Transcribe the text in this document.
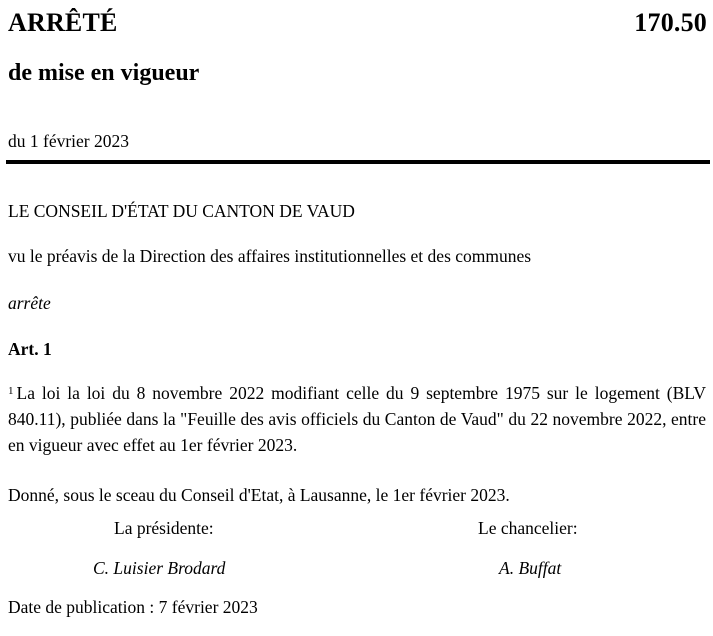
ARRÊTÉ	170.50
de mise en vigueur
du 1 février 2023
LE CONSEIL D'ÉTAT DU CANTON DE VAUD
vu le préavis de la Direction des affaires institutionnelles et des communes
arrête
Art. 1
$^1$ La loi la loi du 8 novembre 2022 modifiant celle du 9 septembre 1975 sur le logement (BLV 840.11), publiée dans la "Feuille des avis officiels du Canton de Vaud" du 22 novembre 2022, entre en vigueur avec effet au 1er février 2023.
Donné, sous le sceau du Conseil d'Etat, à Lausanne, le 1er février 2023.
La présidente:	Le chancelier:
C. Luisier Brodard	A. Buffat
Date de publication : 7 février 2023
